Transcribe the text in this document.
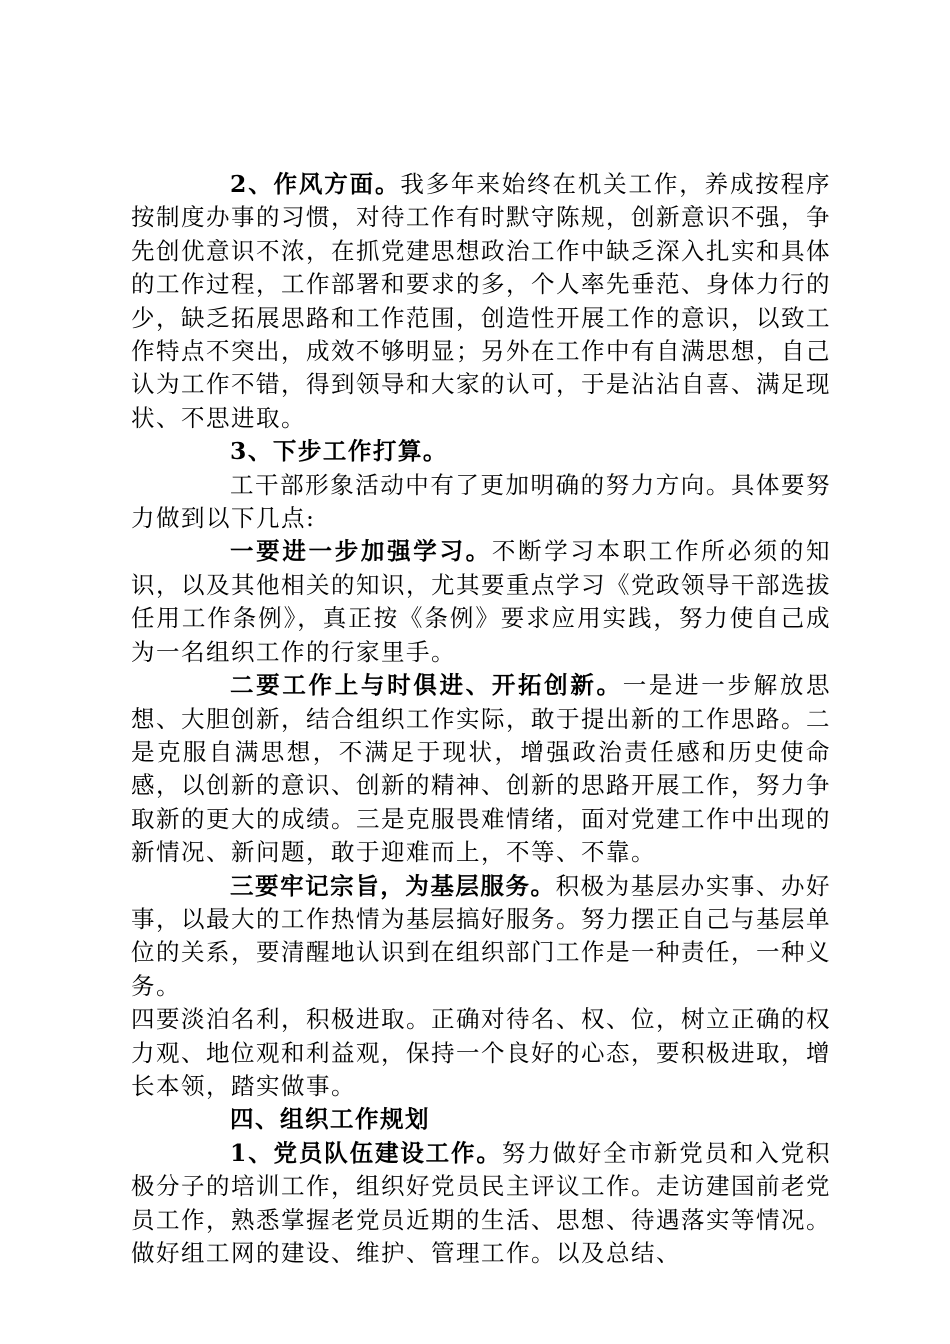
2、作风方面。我多年来始终在机关工作，养成按程序按制度办事的习惯，对待工作有时默守陈规，创新意识不强，争先创优意识不浓，在抓党建思想政治工作中缺乏深入扎实和具体的工作过程，工作部署和要求的多，个人率先垂范、身体力行的少，缺乏拓展思路和工作范围，创造性开展工作的意识，以致工作特点不突出，成效不够明显；另外在工作中有自满思想，自己认为工作不错，得到领导和大家的认可，于是沾沾自喜、满足现状、不思进取。

3、下步工作打算。

工干部形象活动中有了更加明确的努力方向。具体要努力做到以下几点:

一要进一步加强学习。不断学习本职工作所必须的知识，以及其他相关的知识，尤其要重点学习《党政领导干部选拔任用工作条例》，真正按《条例》要求应用实践，努力使自己成为一名组织工作的行家里手。

二要工作上与时俱进、开拓创新。一是进一步解放思想、大胆创新，结合组织工作实际，敢于提出新的工作思路。二是克服自满思想，不满足于现状，增强政治责任感和历史使命感，以创新的意识、创新的精神、创新的思路开展工作，努力争取新的更大的成绩。三是克服畏难情绪，面对党建工作中出现的新情况、新问题，敢于迎难而上，不等、不靠。

三要牢记宗旨，为基层服务。积极为基层办实事、办好事，以最大的工作热情为基层搞好服务。努力摆正自己与基层单位的关系，要清醒地认识到在组织部门工作是一种责任，一种义务。

四要淡泊名利，积极进取。正确对待名、权、位，树立正确的权力观、地位观和利益观，保持一个良好的心态，要积极进取，增长本领，踏实做事。

四、组织工作规划

1、党员队伍建设工作。努力做好全市新党员和入党积极分子的培训工作，组织好党员民主评议工作。走访建国前老党员工作，熟悉掌握老党员近期的生活、思想、待遇落实等情况。做好组工网的建设、维护、管理工作。以及总结、
